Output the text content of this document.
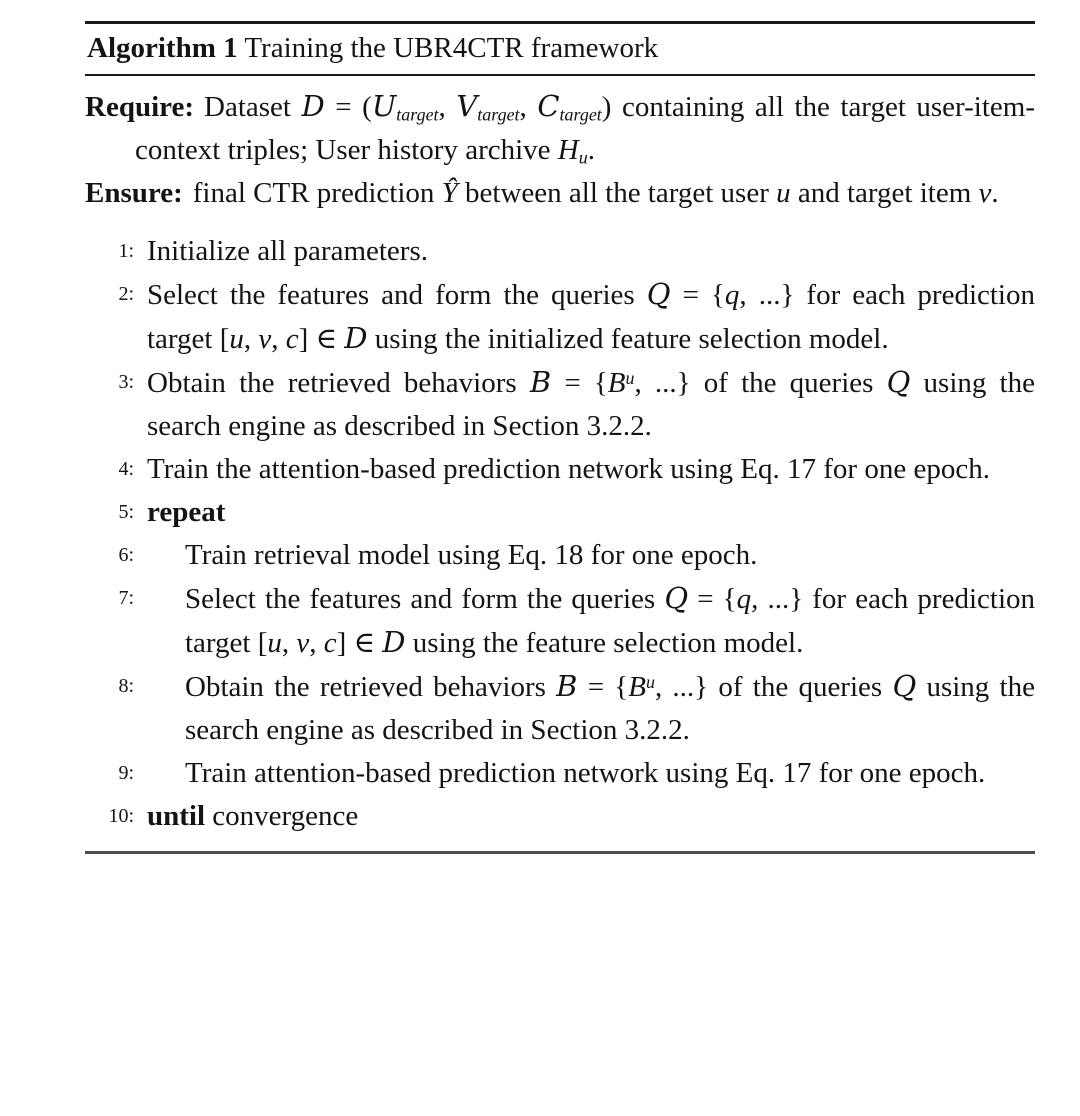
Algorithm 1 Training the UBR4CTR framework
Require: Dataset $D = (U_{target}$, $V_{target}$, $C_{target}$) containing all the target user-item-context triples; User history archive $H_u$.
Ensure: final CTR prediction Ŷ between all the target user u and target item v.
1: Initialize all parameters.
2: Select the features and form the queries Q = {q, ...} for each prediction target [u, v, c] ∈ D using the initialized feature selection model.
3: Obtain the retrieved behaviors $B = \{B^u$, ...} of the queries Q using the search engine as described in Section 3.2.2.
4: Train the attention-based prediction network using Eq. 17 for one epoch.
5: repeat
6:	Train retrieval model using Eq. 18 for one epoch.
7:	Select the features and form the queries Q = {q, ...} for each prediction target [u, v, c] ∈ D using the feature selection model.
8:	Obtain the retrieved behaviors $B = \{B^u$, ...} of the queries Q using the search engine as described in Section 3.2.2.
9:	Train attention-based prediction network using Eq. 17 for one epoch.
10: until convergence
